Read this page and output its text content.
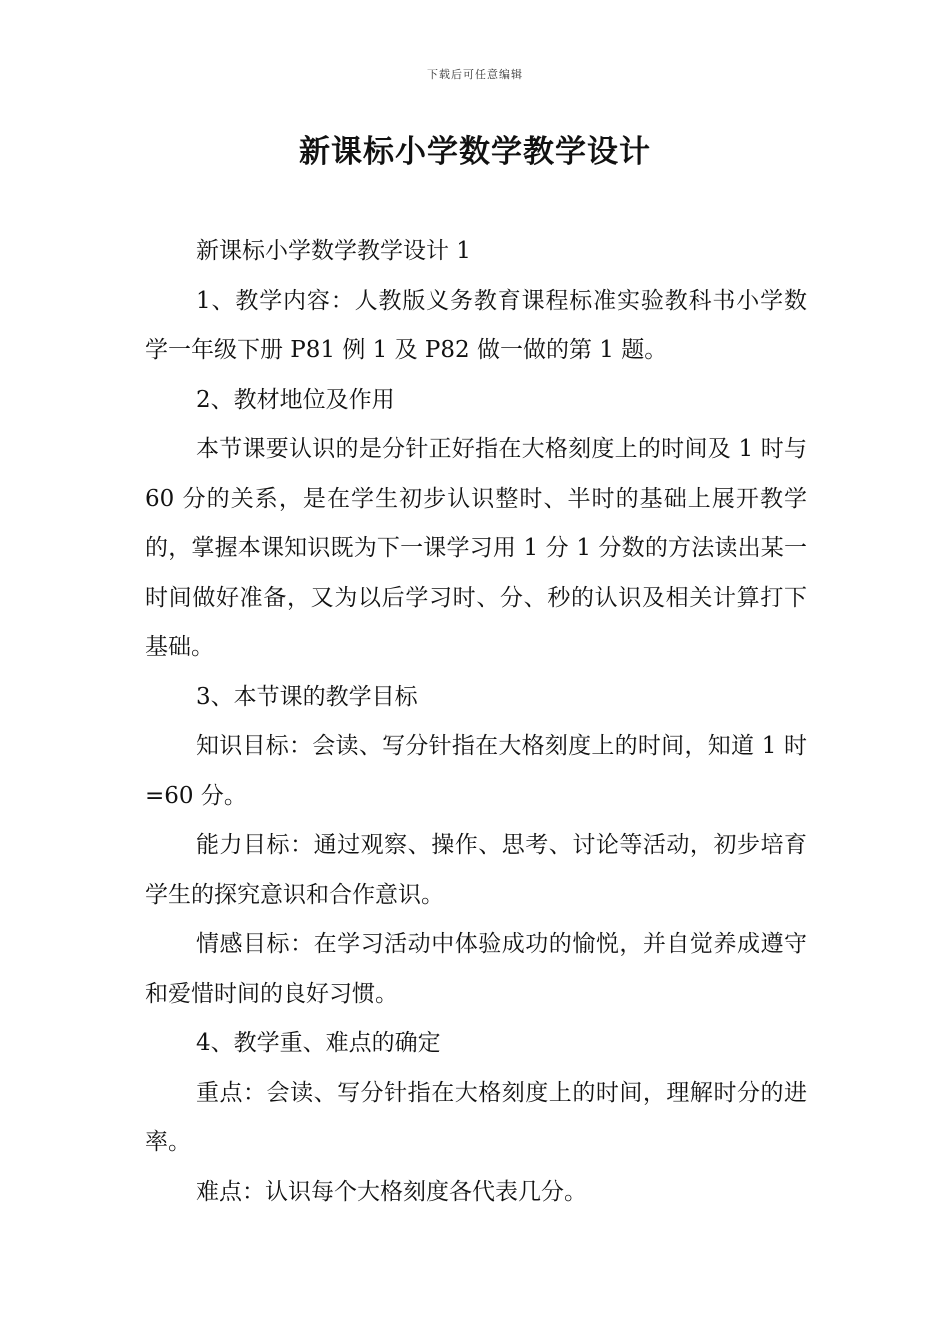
下载后可任意编辑
新课标小学数学教学设计

新课标小学数学教学设计 1

1、教学内容：人教版义务教育课程标准实验教科书小学数学一年级下册 P81 例 1 及 P82 做一做的第 1 题。

2、教材地位及作用

本节课要认识的是分针正好指在大格刻度上的时间及 1 时与 60 分的关系，是在学生初步认识整时、半时的基础上展开教学的，掌握本课知识既为下一课学习用 1 分 1 分数的方法读出某一时间做好准备，又为以后学习时、分、秒的认识及相关计算打下基础。

3、本节课的教学目标

知识目标：会读、写分针指在大格刻度上的时间，知道 1 时=60 分。

能力目标：通过观察、操作、思考、讨论等活动，初步培育学生的探究意识和合作意识。

情感目标：在学习活动中体验成功的愉悦，并自觉养成遵守和爱惜时间的良好习惯。

4、教学重、难点的确定

重点：会读、写分针指在大格刻度上的时间，理解时分的进率。

难点：认识每个大格刻度各代表几分。
